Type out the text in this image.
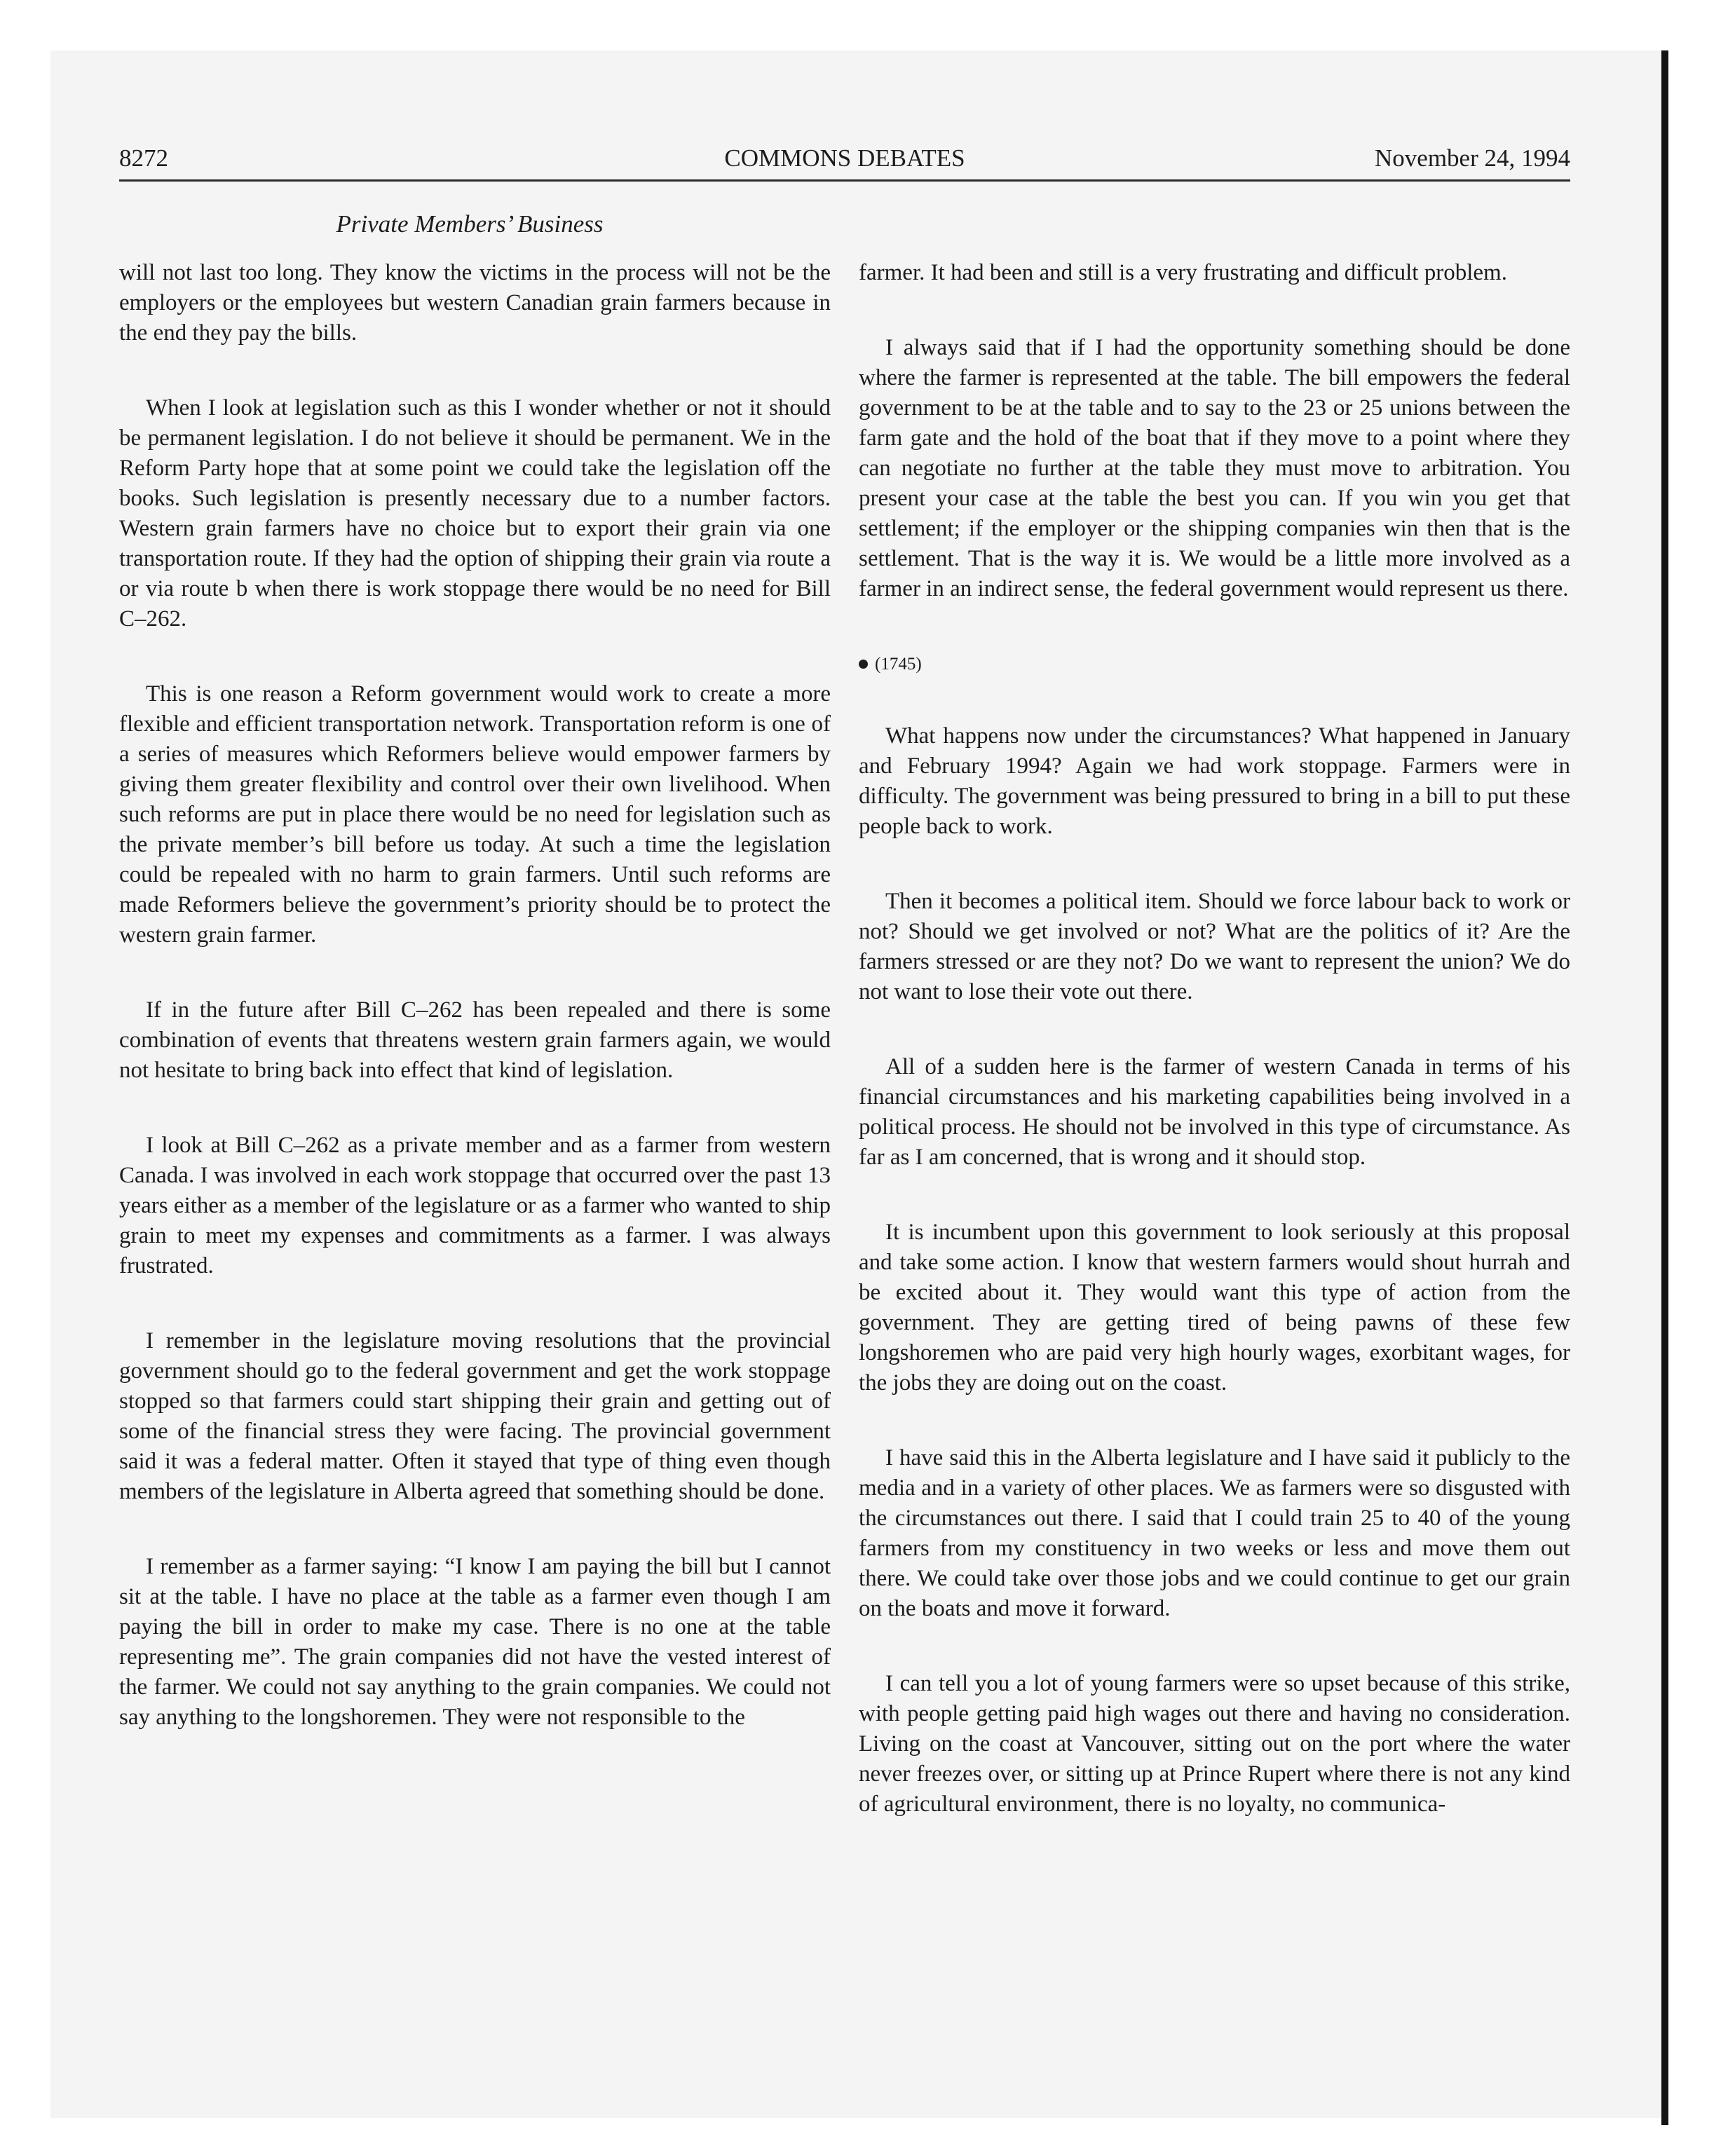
8272	COMMONS DEBATES	November 24, 1994
Private Members’ Business

will not last too long. They know the victims in the process will not be the employers or the employees but western Canadian grain farmers because in the end they pay the bills.

When I look at legislation such as this I wonder whether or not it should be permanent legislation. I do not believe it should be permanent. We in the Reform Party hope that at some point we could take the legislation off the books. Such legislation is presently necessary due to a number factors. Western grain farmers have no choice but to export their grain via one transportation route. If they had the option of shipping their grain via route a or via route b when there is work stoppage there would be no need for Bill C–262.

This is one reason a Reform government would work to create a more flexible and efficient transportation network. Transportation reform is one of a series of measures which Reformers believe would empower farmers by giving them greater flexibility and control over their own livelihood. When such reforms are put in place there would be no need for legislation such as the private member’s bill before us today. At such a time the legislation could be repealed with no harm to grain farmers. Until such reforms are made Reformers believe the government’s priority should be to protect the western grain farmer.

If in the future after Bill C–262 has been repealed and there is some combination of events that threatens western grain farmers again, we would not hesitate to bring back into effect that kind of legislation.

I look at Bill C–262 as a private member and as a farmer from western Canada. I was involved in each work stoppage that occurred over the past 13 years either as a member of the legislature or as a farmer who wanted to ship grain to meet my expenses and commitments as a farmer. I was always frustrated.

I remember in the legislature moving resolutions that the provincial government should go to the federal government and get the work stoppage stopped so that farmers could start shipping their grain and getting out of some of the financial stress they were facing. The provincial government said it was a federal matter. Often it stayed that type of thing even though members of the legislature in Alberta agreed that something should be done.

I remember as a farmer saying: “I know I am paying the bill but I cannot sit at the table. I have no place at the table as a farmer even though I am paying the bill in order to make my case. There is no one at the table representing me”. The grain companies did not have the vested interest of the farmer. We could not say anything to the grain companies. We could not say anything to the longshoremen. They were not responsible to the

farmer. It had been and still is a very frustrating and difficult problem.

I always said that if I had the opportunity something should be done where the farmer is represented at the table. The bill empowers the federal government to be at the table and to say to the 23 or 25 unions between the farm gate and the hold of the boat that if they move to a point where they can negotiate no further at the table they must move to arbitration. You present your case at the table the best you can. If you win you get that settlement; if the employer or the shipping companies win then that is the settlement. That is the way it is. We would be a little more involved as a farmer in an indirect sense, the federal government would represent us there.

(1745)

What happens now under the circumstances? What happened in January and February 1994? Again we had work stoppage. Farmers were in difficulty. The government was being pressured to bring in a bill to put these people back to work.

Then it becomes a political item. Should we force labour back to work or not? Should we get involved or not? What are the politics of it? Are the farmers stressed or are they not? Do we want to represent the union? We do not want to lose their vote out there.

All of a sudden here is the farmer of western Canada in terms of his financial circumstances and his marketing capabilities being involved in a political process. He should not be involved in this type of circumstance. As far as I am concerned, that is wrong and it should stop.

It is incumbent upon this government to look seriously at this proposal and take some action. I know that western farmers would shout hurrah and be excited about it. They would want this type of action from the government. They are getting tired of being pawns of these few longshoremen who are paid very high hourly wages, exorbitant wages, for the jobs they are doing out on the coast.

I have said this in the Alberta legislature and I have said it publicly to the media and in a variety of other places. We as farmers were so disgusted with the circumstances out there. I said that I could train 25 to 40 of the young farmers from my constituency in two weeks or less and move them out there. We could take over those jobs and we could continue to get our grain on the boats and move it forward.

I can tell you a lot of young farmers were so upset because of this strike, with people getting paid high wages out there and having no consideration. Living on the coast at Vancouver, sitting out on the port where the water never freezes over, or sitting up at Prince Rupert where there is not any kind of agricultural environment, there is no loyalty, no communica-
